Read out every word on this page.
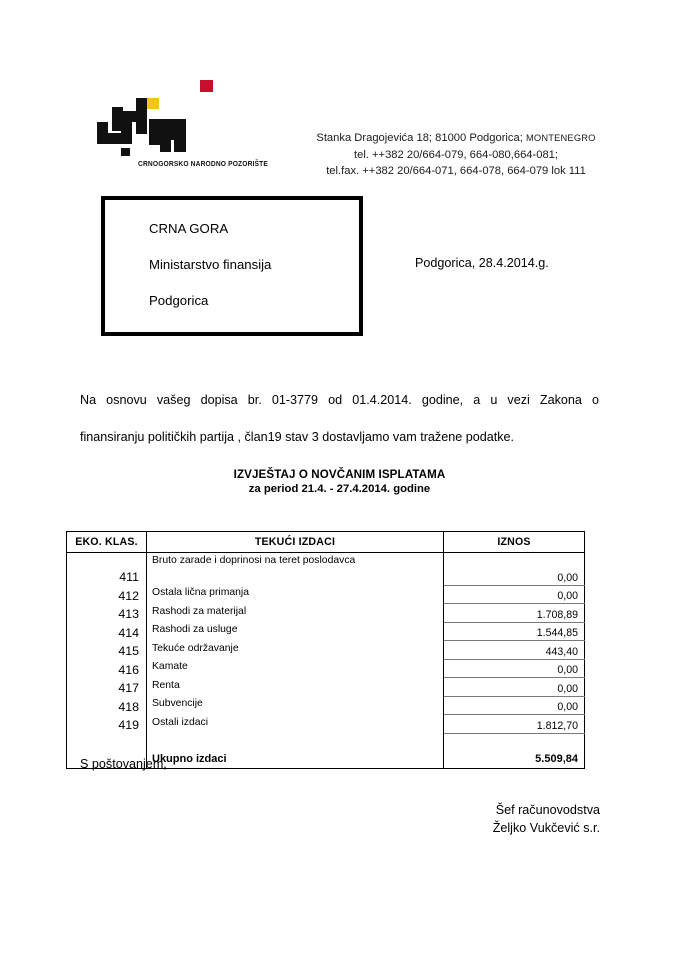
CRNOGORSKO NARODNO POZORIŠTE
Stanka Dragojevića 18; 81000 Podgorica; MONTENEGRO
tel. ++382 20/664-079, 664-080,664-081;
tel.fax. ++382 20/664-071, 664-078, 664-079 lok 111
CRNA GORA
Ministarstvo finansija
Podgorica
Podgorica, 28.4.2014.g.
Na osnovu vašeg dopisa br. 01-3779 od 01.4.2014. godine, a u vezi Zakona o
finansiranju političkih partija , član19 stav 3 dostavljamo vam tražene podatke.
IZVJEŠTAJ O NOVČANIM ISPLATAMA
za period 21.4. - 27.4.2014. godine
EKO. KLAS.	TEKUĆI IZDACI	IZNOS
411	Bruto zarade i doprinosi na teret poslodavca	0,00
412	Ostala lična primanja	0,00
413	Rashodi za materijal	1.708,89
414	Rashodi za usluge	1.544,85
415	Tekuće održavanje	443,40
416	Kamate	0,00
417	Renta	0,00
418	Subvencije	0,00
419	Ostali izdaci	1.812,70
	Ukupno izdaci	5.509,84
S poštovanjem,
Šef računovodstva
Željko Vukčević s.r.
